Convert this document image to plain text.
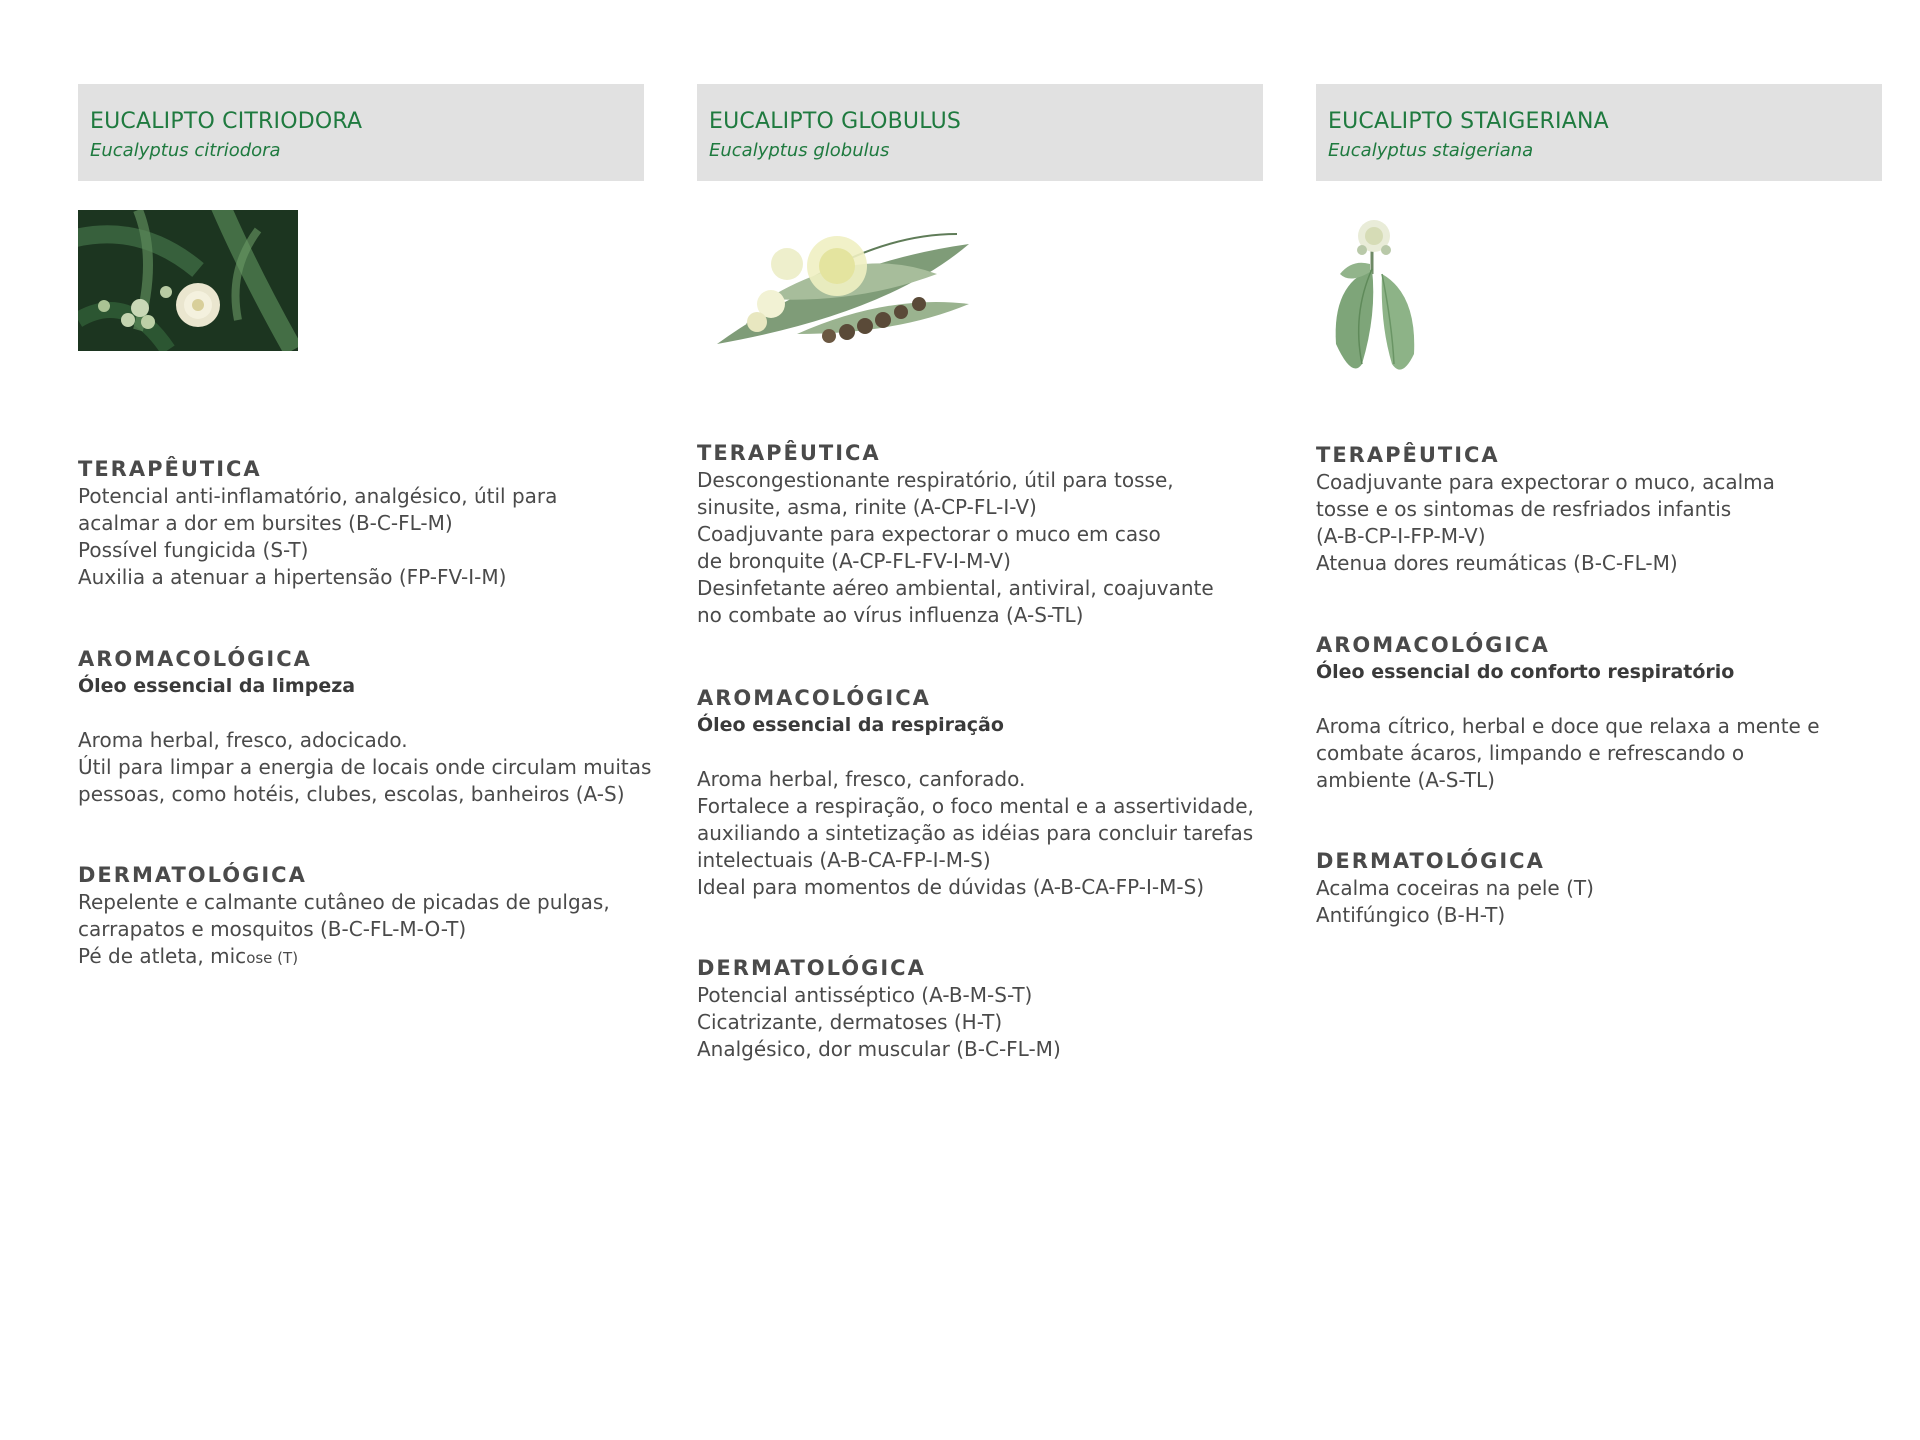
EUCALIPTO CITRIODORA
Eucalyptus citriodora
TERAPÊUTICA
Potencial anti-inflamatório, analgésico, útil para
acalmar a dor em bursites (B-C-FL-M)
Possível fungicida (S-T)
Auxilia a atenuar a hipertensão (FP-FV-I-M)
AROMACOLÓGICA
Óleo essencial da limpeza
Aroma herbal, fresco, adocicado.
Útil para limpar a energia de locais onde circulam muitas
pessoas, como hotéis, clubes, escolas, banheiros (A-S)
DERMATOLÓGICA
Repelente e calmante cutâneo de picadas de pulgas,
carrapatos e mosquitos (B-C-FL-M-O-T)
Pé de atleta, micose (T)
EUCALIPTO GLOBULUS
Eucalyptus globulus
TERAPÊUTICA
Descongestionante respiratório, útil para tosse,
sinusite, asma, rinite (A-CP-FL-I-V)
Coadjuvante para expectorar o muco em caso
de bronquite (A-CP-FL-FV-I-M-V)
Desinfetante aéreo ambiental, antiviral, coajuvante
no combate ao vírus influenza (A-S-TL)
AROMACOLÓGICA
Óleo essencial da respiração
Aroma herbal, fresco, canforado.
Fortalece a respiração, o foco mental e a assertividade,
auxiliando a sintetização as idéias para concluir tarefas
intelectuais (A-B-CA-FP-I-M-S)
Ideal para momentos de dúvidas (A-B-CA-FP-I-M-S)
DERMATOLÓGICA
Potencial antisséptico (A-B-M-S-T)
Cicatrizante, dermatoses (H-T)
Analgésico, dor muscular (B-C-FL-M)
EUCALIPTO STAIGERIANA
Eucalyptus staigeriana
TERAPÊUTICA
Coadjuvante para expectorar o muco, acalma
tosse e os sintomas de resfriados infantis
(A-B-CP-I-FP-M-V)
Atenua dores reumáticas (B-C-FL-M)
AROMACOLÓGICA
Óleo essencial do conforto respiratório
Aroma cítrico, herbal e doce que relaxa a mente e
combate ácaros, limpando e refrescando o
ambiente (A-S-TL)
DERMATOLÓGICA
Acalma coceiras na pele (T)
Antifúngico (B-H-T)
